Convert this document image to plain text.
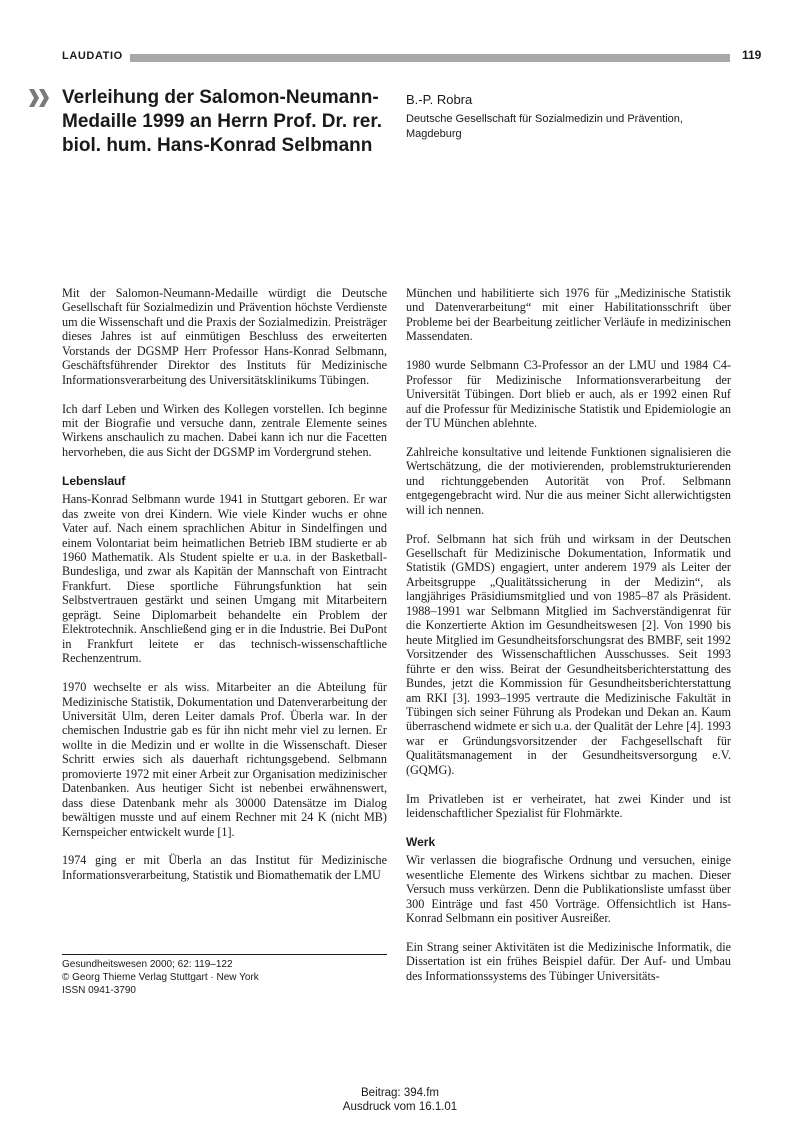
LAUDATIO	119
Verleihung der Salomon-Neumann-Medaille 1999 an Herrn Prof. Dr. rer. biol. hum. Hans-Konrad Selbmann
B.-P. Robra
Deutsche Gesellschaft für Sozialmedizin und Prävention, Magdeburg

Mit der Salomon-Neumann-Medaille würdigt die Deutsche Gesellschaft für Sozialmedizin und Prävention höchste Verdienste um die Wissenschaft und die Praxis der Sozialmedizin. Preisträger dieses Jahres ist auf einmütigen Beschluss des erweiterten Vorstands der DGSMP Herr Professor Hans-Konrad Selbmann, Geschäftsführender Direktor des Instituts für Medizinische Informationsverarbeitung des Universitätsklinikums Tübingen.

Ich darf Leben und Wirken des Kollegen vorstellen. Ich beginne mit der Biografie und versuche dann, zentrale Elemente seines Wirkens anschaulich zu machen. Dabei kann ich nur die Facetten hervorheben, die aus Sicht der DGSMP im Vordergrund stehen.

Lebenslauf

Hans-Konrad Selbmann wurde 1941 in Stuttgart geboren. Er war das zweite von drei Kindern. Wie viele Kinder wuchs er ohne Vater auf. Nach einem sprachlichen Abitur in Sindelfingen und einem Volontariat beim heimatlichen Betrieb IBM studierte er ab 1960 Mathematik. Als Student spielte er u.a. in der Basketball-Bundesliga, und zwar als Kapitän der Mannschaft von Eintracht Frankfurt. Diese sportliche Führungsfunktion hat sein Selbstvertrauen gestärkt und seinen Umgang mit Mitarbeitern geprägt. Seine Diplomarbeit behandelte ein Problem der Elektrotechnik. Anschließend ging er in die Industrie. Bei DuPont in Frankfurt leitete er das technisch-wissenschaftliche Rechenzentrum.

1970 wechselte er als wiss. Mitarbeiter an die Abteilung für Medizinische Statistik, Dokumentation und Datenverarbeitung der Universität Ulm, deren Leiter damals Prof. Überla war. In der chemischen Industrie gab es für ihn nicht mehr viel zu lernen. Er wollte in die Medizin und er wollte in die Wissenschaft. Dieser Schritt erwies sich als dauerhaft richtungsgebend. Selbmann promovierte 1972 mit einer Arbeit zur Organisation medizinischer Datenbanken. Aus heutiger Sicht ist nebenbei erwähnenswert, dass diese Datenbank mehr als 30000 Datensätze im Dialog bewältigen musste und auf einem Rechner mit 24 K (nicht MB) Kernspeicher entwickelt wurde [1].

1974 ging er mit Überla an das Institut für Medizinische Informationsverarbeitung, Statistik und Biomathematik der LMU

München und habilitierte sich 1976 für „Medizinische Statistik und Datenverarbeitung“ mit einer Habilitationsschrift über Probleme bei der Bearbeitung zeitlicher Verläufe in medizinischen Massendaten.

1980 wurde Selbmann C3-Professor an der LMU und 1984 C4-Professor für Medizinische Informationsverarbeitung der Universität Tübingen. Dort blieb er auch, als er 1992 einen Ruf auf die Professur für Medizinische Statistik und Epidemiologie an der TU München ablehnte.

Zahlreiche konsultative und leitende Funktionen signalisieren die Wertschätzung, die der motivierenden, problemstrukturierenden und richtunggebenden Autorität von Prof. Selbmann entgegengebracht wird. Nur die aus meiner Sicht allerwichtigsten will ich nennen.

Prof. Selbmann hat sich früh und wirksam in der Deutschen Gesellschaft für Medizinische Dokumentation, Informatik und Statistik (GMDS) engagiert, unter anderem 1979 als Leiter der Arbeitsgruppe „Qualitätssicherung in der Medizin“, als langjähriges Präsidiumsmitglied und von 1985–87 als Präsident. 1988–1991 war Selbmann Mitglied im Sachverständigenrat für die Konzertierte Aktion im Gesundheitswesen [2]. Von 1990 bis heute Mitglied im Gesundheitsforschungsrat des BMBF, seit 1992 Vorsitzender des Wissenschaftlichen Ausschusses. Seit 1993 führte er den wiss. Beirat der Gesundheitsberichterstattung des Bundes, jetzt die Kommission für Gesundheitsberichterstattung am RKI [3]. 1993–1995 vertraute die Medizinische Fakultät in Tübingen sich seiner Führung als Prodekan und Dekan an. Kaum überraschend widmete er sich u.a. der Qualität der Lehre [4]. 1993 war er Gründungsvorsitzender der Fachgesellschaft für Qualitätsmanagement in der Gesundheitsversorgung e.V. (GQMG).

Im Privatleben ist er verheiratet, hat zwei Kinder und ist leidenschaftlicher Spezialist für Flohmärkte.

Werk

Wir verlassen die biografische Ordnung und versuchen, einige wesentliche Elemente des Wirkens sichtbar zu machen. Dieser Versuch muss verkürzen. Denn die Publikationsliste umfasst über 300 Einträge und fast 450 Vorträge. Offensichtlich ist Hans-Konrad Selbmann ein positiver Ausreißer.

Ein Strang seiner Aktivitäten ist die Medizinische Informatik, die Dissertation ist ein frühes Beispiel dafür. Der Auf- und Umbau des Informationssystems des Tübinger Universitäts-

Gesundheitswesen 2000; 62: 119–122
© Georg Thieme Verlag Stuttgart · New York
ISSN 0941-3790
Beitrag: 394.fm
Ausdruck vom 16.1.01
